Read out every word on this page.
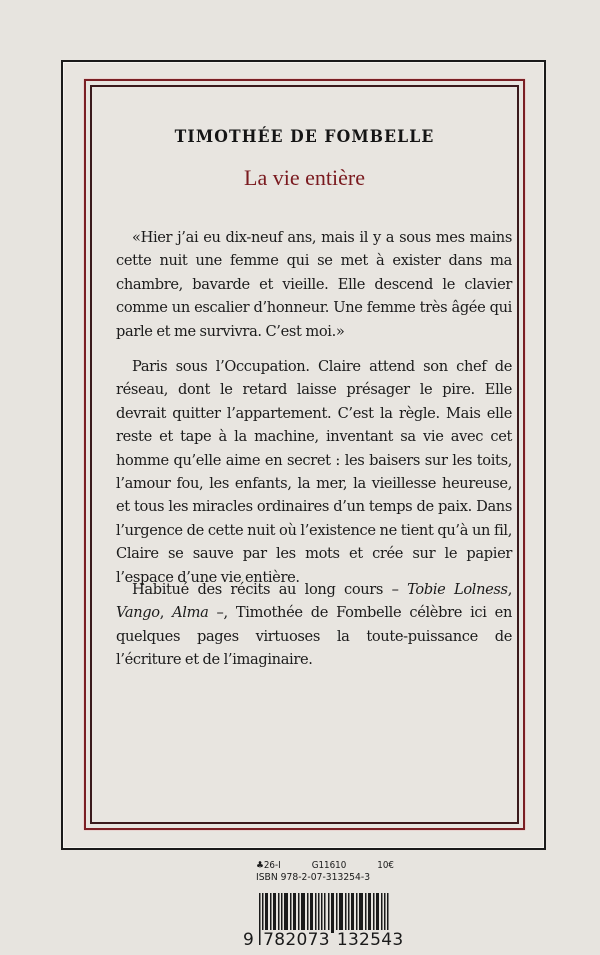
TIMOTHÉE DE FOMBELLE
La vie entière

«Hier j’ai eu dix-neuf ans, mais il y a sous mes mains cette nuit une femme qui se met à exister dans ma chambre, bavarde et vieille. Elle descend le clavier comme un escalier d’honneur. Une femme très âgée qui parle et me survivra. C’est moi.»

Paris sous l’Occupation. Claire attend son chef de réseau, dont le retard laisse présager le pire. Elle devrait quitter l’appartement. C’est la règle. Mais elle reste et tape à la machine, inventant sa vie avec cet homme qu’elle aime en secret : les baisers sur les toits, l’amour fou, les enfants, la mer, la vieillesse heureuse, et tous les miracles ordinaires d’un temps de paix. Dans l’urgence de cette nuit où l’existence ne tient qu’à un fil, Claire se sauve par les mots et crée sur le papier l’espace d’une vie entière.

Habitué des récits au long cours – Tobie Lolness, Vango, Alma –, Timothée de Fombelle célèbre ici en quelques pages virtuoses la toute-puissance de l’écriture et de l’imaginaire.

♣26-I	G11610	10€
ISBN 978-2-07-313254-3
9 782073 132543
